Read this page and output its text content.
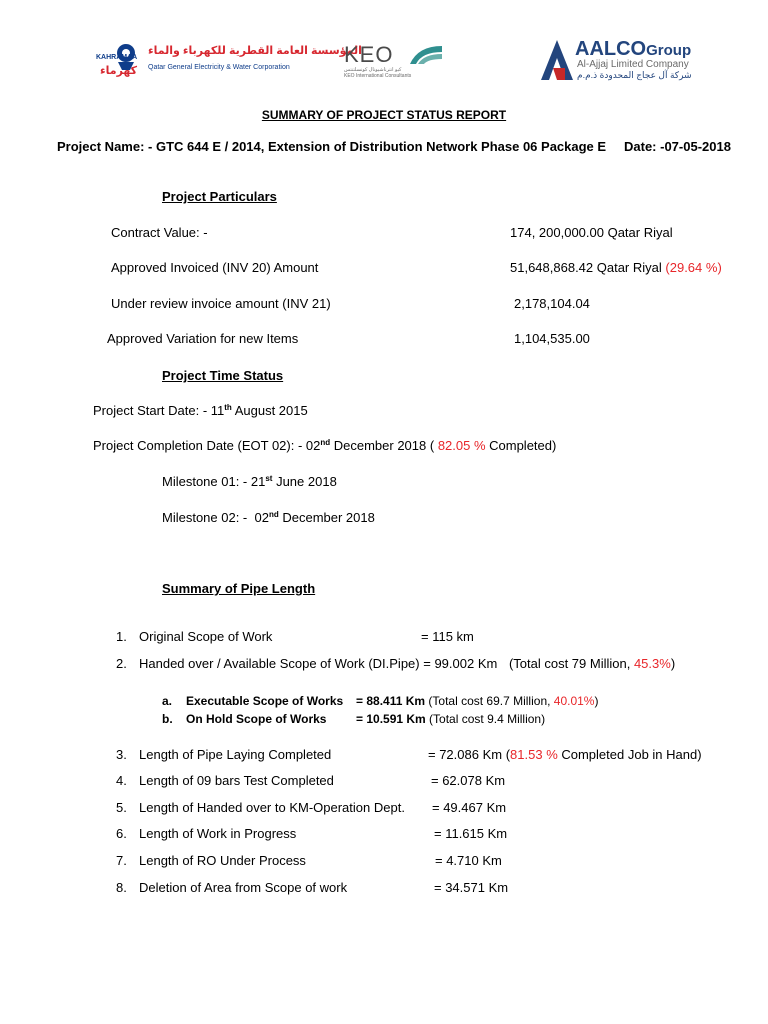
KAHRAMAA
كهرماء
المؤسسة العامة القطرية للكهرباء والماء
Qatar General Electricity & Water Corporation
KEO
كيو انترناشيونال كونسلتنتس
KEO International Consultants
AALCOGroup
Al-Ajjaj Limited Company
شركة آل عجاج المحدودة ذ.م.م
SUMMARY OF PROJECT STATUS REPORT
Project Name: - GTC 644 E / 2014, Extension of Distribution Network Phase 06 Package E Date: -07-05-2018
Project Particulars
Contract Value: -	174, 200,000.00 Qatar Riyal
Approved Invoiced (INV 20) Amount	51,648,868.42 Qatar Riyal (29.64 %)
Under review invoice amount (INV 21)	2,178,104.04
Approved Variation for new Items	1,104,535.00
Project Time Status
Project Start Date: - 11th August 2015
Project Completion Date (EOT 02): - 02nd December 2018 ( 82.05 % Completed)
Milestone 01: - 21st June 2018
Milestone 02: -  02nd December 2018
Summary of Pipe Length
1. Original Scope of Work	= 115 km
2. Handed over / Available Scope of Work (DI.Pipe) = 99.002 Km (Total cost 79 Million, 45.3%)
a. Executable Scope of Works = 88.411 Km (Total cost 69.7 Million, 40.01%)
b. On Hold Scope of Works = 10.591 Km (Total cost 9.4 Million)
3. Length of Pipe Laying Completed	= 72.086 Km (81.53 % Completed Job in Hand)
4. Length of 09 bars Test Completed	= 62.078 Km
5. Length of Handed over to KM-Operation Dept. = 49.467 Km
6. Length of Work in Progress	= 11.615 Km
7. Length of RO Under Process	= 4.710 Km
8. Deletion of Area from Scope of work	= 34.571 Km
